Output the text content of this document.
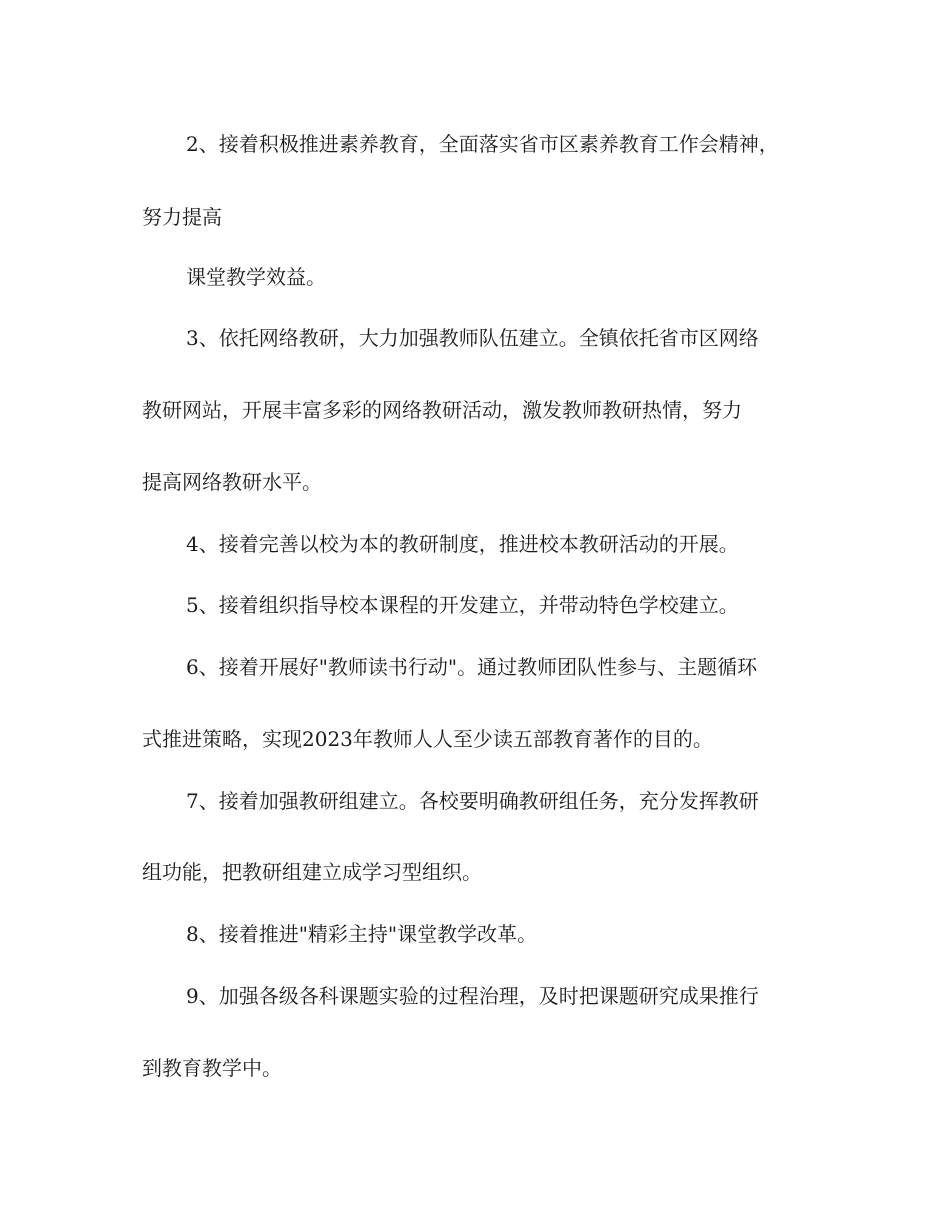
2、接着积极推进素养教育，全面落实省市区素养教育工作会精神，
努力提高
课堂教学效益。
3、依托网络教研，大力加强教师队伍建立。全镇依托省市区网络
教研网站，开展丰富多彩的网络教研活动，激发教师教研热情，努力
提高网络教研水平。
4、接着完善以校为本的教研制度，推进校本教研活动的开展。
5、接着组织指导校本课程的开发建立，并带动特色学校建立。
6、接着开展好"教师读书行动"。通过教师团队性参与、主题循环
式推进策略，实现2023年教师人人至少读五部教育著作的目的。
7、接着加强教研组建立。各校要明确教研组任务，充分发挥教研
组功能，把教研组建立成学习型组织。
8、接着推进"精彩主持"课堂教学改革。
9、加强各级各科课题实验的过程治理，及时把课题研究成果推行
到教育教学中。
